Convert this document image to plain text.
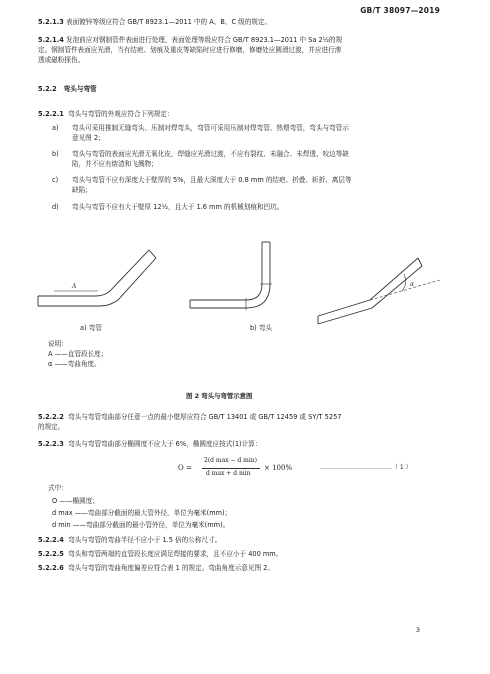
GB/T 38097—2019
5.2.1.3 表面镀锌等级应符合 GB/T 8923.1—2011 中的 A、B、C 级的规定。
5.2.1.4 发泡前应对钢制管件表面进行处理，表面处理等级应符合 GB/T 8923.1—2011 中 Sa 2½的规
定。钢制管件表面应光滑，当有结疤、划痕及重皮等缺陷时应进行修磨，修磨处应圆滑过渡，并应进行渗
透或磁粉探伤。
5.2.2 弯头与弯管
5.2.2.1 弯头与弯管的外观应符合下列规定：
a) 弯头可采用推制无缝弯头、压制对焊弯头，弯管可采用压制对焊弯管、热煨弯管，弯头与弯管示
意见图 2；
b) 弯头与弯管的表面应光滑无氧化皮，焊缝应光滑过渡，不应有裂纹、未融合、未焊透、咬边等缺
陷，并不应有熔渣和飞溅物；
c) 弯头与弯管不应有深度大于壁厚的 5%，且最大深度大于 0.8 mm 的结疤、折叠、斩折、离层等
缺陷；
d) 弯头与弯管不应有大于壁厚 12½，且大于 1.6 mm 的机械划痕和凹坑。
A	α
a) 弯管	b) 弯头
说明：
A ——直管段长度；
α ——弯曲角度。
图 2 弯头与弯管示意图
5.2.2.2 弯头与弯管弯曲部分任意一点的最小壁厚应符合 GB/T 13401 或 GB/T 12459 或 SY/T 5257
的规定。
5.2.2.3 弯头与弯管弯曲部分椭圆度不应大于 6%，椭圆度应按式(1)计算：
O =
2(d max − d min)
d max + d min
× 100%	………………………………（ 1 ）
式中：
O ——椭圆度；
d max ——弯曲部分截面的最大管外径，单位为毫米(mm)；
d min ——弯曲部分截面的最小管外径，单位为毫米(mm)。
5.2.2.4 弯头与弯管的弯曲半径不应小于 1.5 倍的公称尺寸。
5.2.2.5 弯头和弯管两端的直管段长度应满足焊接的要求，且不应小于 400 mm。
5.2.2.6 弯头与弯管的弯曲角度偏差应符合表 1 的规定。弯曲角度示意见图 2。
3
